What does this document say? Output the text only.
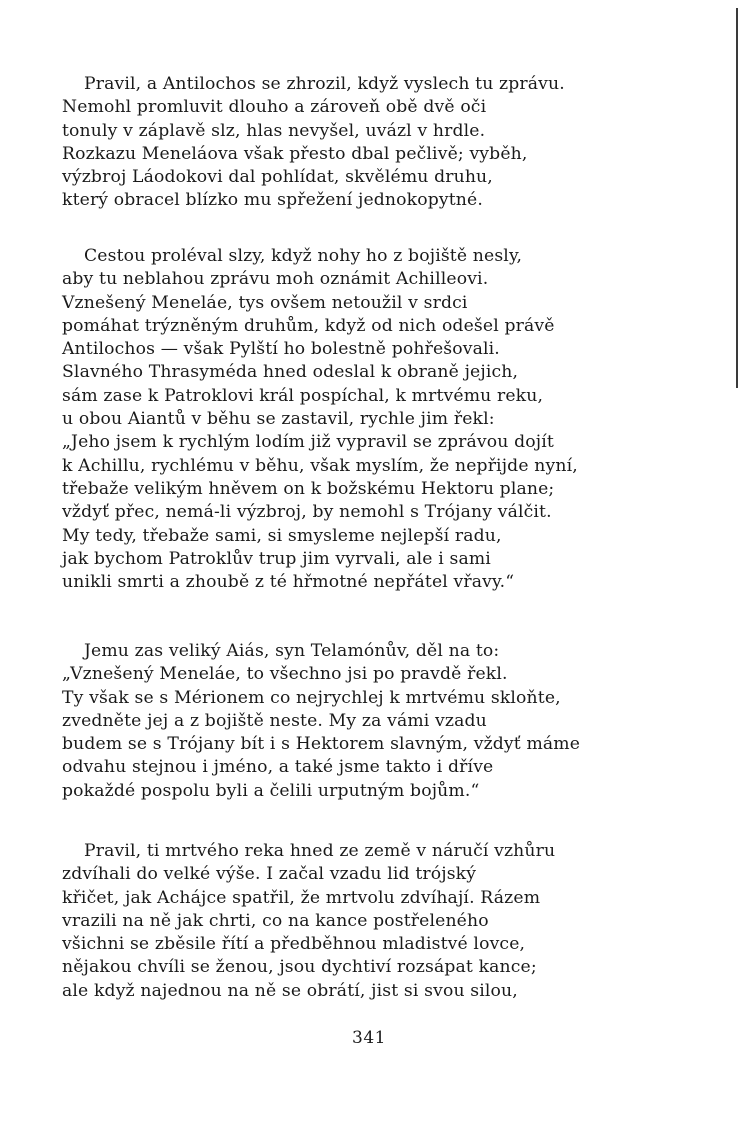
Pravil, a Antilochos se zhrozil, když vyslech tu zprávu.
Nemohl promluvit dlouho a zároveň obě dvě oči
tonuly v záplavě slz, hlas nevyšel, uvázl v hrdle.
Rozkazu Meneláova však přesto dbal pečlivě; vyběh,
výzbroj Láodokovi dal pohlídat, skvělému druhu,
který obracel blízko mu spřežení jednokopytné.
Cestou proléval slzy, když nohy ho z bojiště nesly,
aby tu neblahou zprávu moh oznámit Achilleovi.
Vznešený Meneláe, tys ovšem netoužil v srdci
pomáhat trýzněným druhům, když od nich odešel právě
Antilochos — však Pylští ho bolestně pohřešovali.
Slavného Thrasyméda hned odeslal k obraně jejich,
sám zase k Patroklovi král pospíchal, k mrtvému reku,
u obou Aiantů v běhu se zastavil, rychle jim řekl:
„Jeho jsem k rychlým lodím již vypravil se zprávou dojít
k Achillu, rychlému v běhu, však myslím, že nepřijde nyní,
třebaže velikým hněvem on k božskému Hektoru plane;
vždyť přec, nemá-li výzbroj, by nemohl s Trójany válčit.
My tedy, třebaže sami, si smysleme nejlepší radu,
jak bychom Patroklův trup jim vyrvali, ale i sami
unikli smrti a zhoubě z té hřmotné nepřátel vřavy.“
Jemu zas veliký Aiás, syn Telamónův, děl na to:
„Vznešený Meneláe, to všechno jsi po pravdě řekl.
Ty však se s Mérionem co nejrychlej k mrtvému skloňte,
zvedněte jej a z bojiště neste. My za vámi vzadu
budem se s Trójany bít i s Hektorem slavným, vždyť máme
odvahu stejnou i jméno, a také jsme takto i dříve
pokaždé pospolu byli a čelili urputným bojům.“
Pravil, ti mrtvého reka hned ze země v náručí vzhůru
zdvíhali do velké výše. I začal vzadu lid trójský
křičet, jak Achájce spatřil, že mrtvolu zdvíhají. Rázem
vrazili na ně jak chrti, co na kance postřeleného
všichni se zběsile řítí a předběhnou mladistvé lovce,
nějakou chvíli se ženou, jsou dychtiví rozsápat kance;
ale když najednou na ně se obrátí, jist si svou silou,
341
